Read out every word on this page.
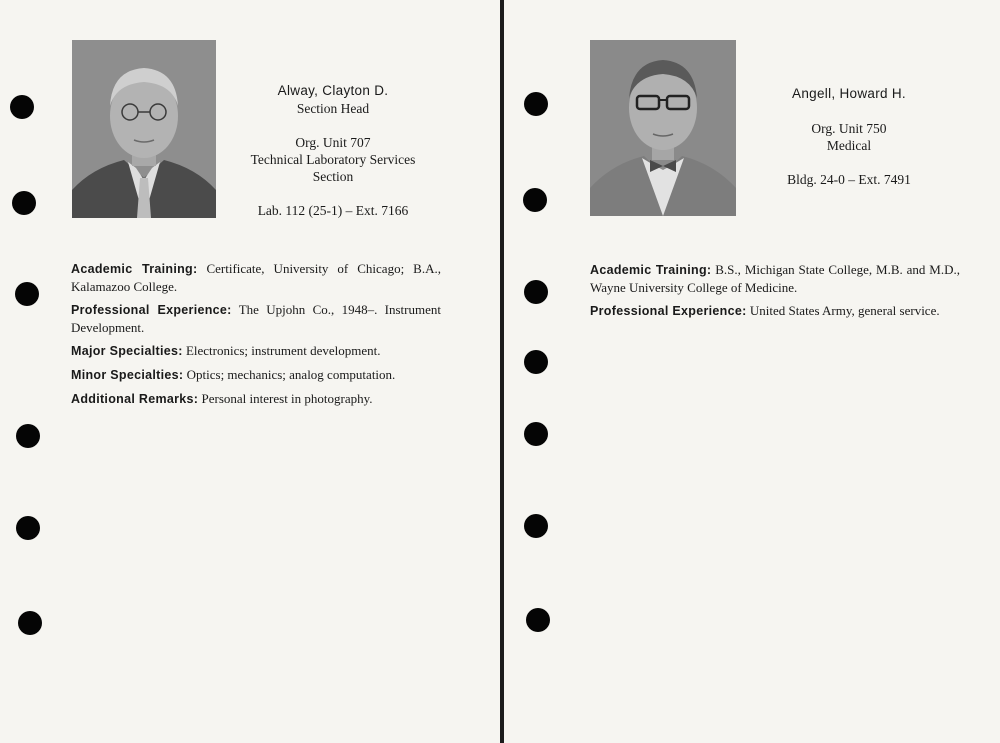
Alway, Clayton D.
Section Head
Org. Unit 707
Technical Laboratory Services
Section
Lab. 112 (25-1) – Ext. 7166
Academic Training: Certificate, University of Chicago; B.A., Kalamazoo College.
Professional Experience: The Upjohn Co., 1948–. Instrument Development.
Major Specialties: Electronics; instrument development.
Minor Specialties: Optics; mechanics; analog computation.
Additional Remarks: Personal interest in photography.
Angell, Howard H.
Org. Unit 750
Medical
Bldg. 24-0 – Ext. 7491
Academic Training: B.S., Michigan State College, M.B. and M.D., Wayne University College of Medicine.
Professional Experience: United States Army, general service.
